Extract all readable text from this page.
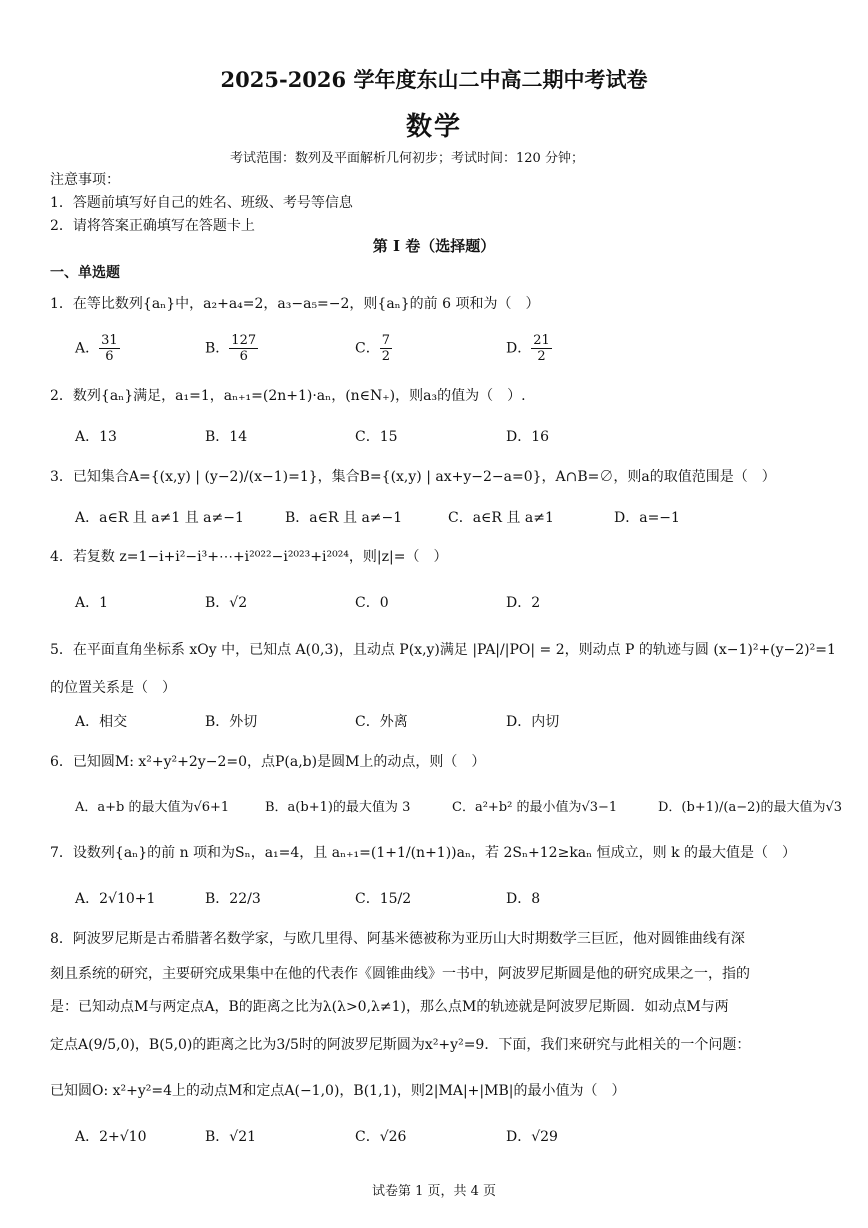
2025-2026 学年度东山二中高二期中考试卷
数学
考试范围：数列及平面解析几何初步；考试时间：120 分钟；
注意事项：
1．答题前填写好自己的姓名、班级、考号等信息
2．请将答案正确填写在答题卡上
第 I 卷（选择题）
一、单选题
1．在等比数列{aₙ}中，a₂+a₄=2，a₃−a₅=−2，则{aₙ}的前 6 项和为（　）
A． $\frac{31}{6}$	B． $\frac{127}{6}$	C． $\frac{7}{2}$	D． $\frac{21}{2}$
2．数列{aₙ}满足，a₁=1，aₙ₊₁=(2n+1)·aₙ，(n∈N₊)，则a₃的值为（　）.
A．13	B．14	C．15	D．16
3．已知集合A={(x,y) | (y−2)/(x−1)=1}，集合B={(x,y) | ax+y−2−a=0}，A∩B=∅，则a的取值范围是（　）
A．a∈R 且 a≠1 且 a≠−1	B．a∈R 且 a≠−1	C．a∈R 且 a≠1	D．a=−1
4．若复数 z=1−i+i²−i³+⋯+i²⁰²²−i²⁰²³+i²⁰²⁴，则|z|=（　）
A．1	B．√2	C．0	D．2
5．在平面直角坐标系 xOy 中，已知点 A(0,3)，且动点 P(x,y)满足 |PA|/|PO| = 2，则动点 P 的轨迹与圆 (x−1)²+(y−2)²=1
的位置关系是（　）
A．相交	B．外切	C．外离	D．内切
6．已知圆M: x²+y²+2y−2=0，点P(a,b)是圆M上的动点，则（　）
A．a+b 的最大值为√6+1	B．a(b+1)的最大值为 3	C．a²+b² 的最小值为√3−1	D．(b+1)/(a−2)的最大值为√3
7．设数列{aₙ}的前 n 项和为Sₙ，a₁=4，且 aₙ₊₁=(1+1/(n+1))aₙ，若 2Sₙ+12≥kaₙ 恒成立，则 k 的最大值是（　）
A．2√10+1	B．22/3	C．15/2	D．8
8．阿波罗尼斯是古希腊著名数学家，与欧几里得、阿基米德被称为亚历山大时期数学三巨匠，他对圆锥曲线有深
刻且系统的研究，主要研究成果集中在他的代表作《圆锥曲线》一书中，阿波罗尼斯圆是他的研究成果之一，指的
是：已知动点M与两定点A，B的距离之比为λ(λ>0,λ≠1)，那么点M的轨迹就是阿波罗尼斯圆．如动点M与两
定点A(9/5,0)，B(5,0)的距离之比为3/5时的阿波罗尼斯圆为x²+y²=9．下面，我们来研究与此相关的一个问题：
已知圆O: x²+y²=4上的动点M和定点A(−1,0)，B(1,1)，则2|MA|+|MB|的最小值为（　）
A．2+√10	B．√21	C．√26	D．√29
试卷第 1 页，共 4 页
